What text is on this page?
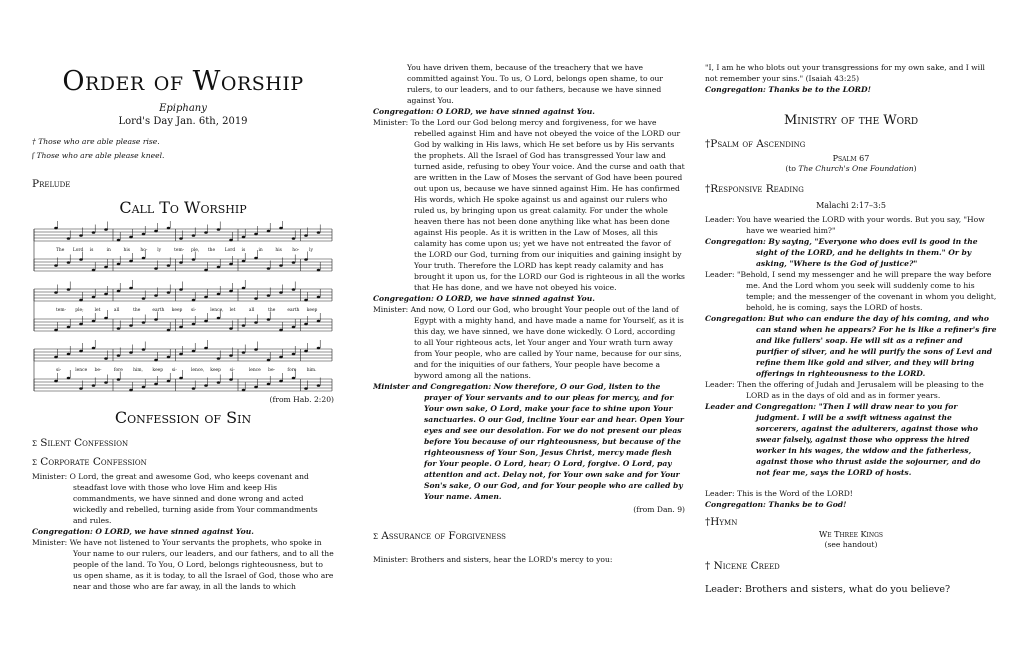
Order of Worship
Epiphany
Lord's Day Jan. 6th, 2019
† Those who are able please rise.
ʃ Those who are able please kneel.
Prelude
Call To Worship
The Lord is	in	his ho- ly	tem- ple, the Lord is	in	his ho- ly
tem- ple; let	all	the	earth keep si-	lence, let	all	the	earth keep
si-	lence be-	fore him, keep si-	lence, keep si-	lence be-	fore him.
(from Hab. 2:20)
Confession of Sin
ʃ Silent Confession
ʃ Corporate Confession
Minister: O Lord, the great and awesome God, who keeps covenant and steadfast love with those who love Him and keep His commandments, we have sinned and done wrong and acted wickedly and rebelled, turning aside from Your commandments and rules.
Congregation: O LORD, we have sinned against You.
Minister: We have not listened to Your servants the prophets, who spoke in Your name to our rulers, our leaders, and our fathers, and to all the people of the land. To You, O Lord, belongs righteousness, but to us open shame, as it is today, to all the Israel of God, those who are near and those who are far away, in all the lands to which
You have driven them, because of the treachery that we have committed against You. To us, O Lord, belongs open shame, to our rulers, to our leaders, and to our fathers, because we have sinned against You.
Congregation: O LORD, we have sinned against You.
Minister: To the Lord our God belong mercy and forgiveness, for we have rebelled against Him and have not obeyed the voice of the LORD our God by walking in His laws, which He set before us by His servants the prophets. All the Israel of God has transgressed Your law and turned aside, refusing to obey Your voice. And the curse and oath that are written in the Law of Moses the servant of God have been poured out upon us, because we have sinned against Him. He has confirmed His words, which He spoke against us and against our rulers who ruled us, by bringing upon us great calamity. For under the whole heaven there has not been done anything like what has been done against His people. As it is written in the Law of Moses, all this calamity has come upon us; yet we have not entreated the favor of the LORD our God, turning from our iniquities and gaining insight by Your truth. Therefore the LORD has kept ready calamity and has brought it upon us, for the LORD our God is righteous in all the works that He has done, and we have not obeyed his voice.
Congregation: O LORD, we have sinned against You.
Minister: And now, O Lord our God, who brought Your people out of the land of Egypt with a mighty hand, and have made a name for Yourself, as it is this day, we have sinned, we have done wickedly. O Lord, according to all Your righteous acts, let Your anger and Your wrath turn away from Your people, who are called by Your name, because for our sins, and for the iniquities of our fathers, Your people have become a byword among all the nations.
Minister and Congregation: Now therefore, O our God, listen to the prayer of Your servants and to our pleas for mercy, and for Your own sake, O Lord, make your face to shine upon Your sanctuaries. O our God, incline Your ear and hear. Open Your eyes and see our desolation. For we do not present our pleas before You because of our righteousness, but because of the righteousness of Your Son, Jesus Christ, mercy made flesh for Your people. O Lord, hear; O Lord, forgive. O Lord, pay attention and act. Delay not, for Your own sake and for Your Son's sake, O our God, and for Your people who are called by Your name. Amen.
(from Dan. 9)
ʃ Assurance of Forgiveness
Minister: Brothers and sisters, hear the LORD's mercy to you:
"I, I am he who blots out your transgressions for my own sake, and I will not remember your sins." (Isaiah 43:25)
Congregation: Thanks be to the LORD!
Ministry of the Word
†Psalm of Ascending
Psalm 67
(to The Church's One Foundation)
†Responsive Reading
Malachi 2:17–3:5
Leader: You have wearied the LORD with your words. But you say, "How have we wearied him?"
Congregation: By saying, "Everyone who does evil is good in the sight of the LORD, and he delights in them." Or by asking, "Where is the God of justice?"
Leader: "Behold, I send my messenger and he will prepare the way before me. And the Lord whom you seek will suddenly come to his temple; and the messenger of the covenant in whom you delight, behold, he is coming, says the LORD of hosts.
Congregation: But who can endure the day of his coming, and who can stand when he appears? For he is like a refiner's fire and like fullers' soap. He will sit as a refiner and purifier of silver, and he will purify the sons of Levi and refine them like gold and silver, and they will bring offerings in righteousness to the LORD.
Leader: Then the offering of Judah and Jerusalem will be pleasing to the LORD as in the days of old and as in former years.
Leader and Congregation: "Then I will draw near to you for judgment. I will be a swift witness against the sorcerers, against the adulterers, against those who swear falsely, against those who oppress the hired worker in his wages, the widow and the fatherless, against those who thrust aside the sojourner, and do not fear me, says the LORD of hosts.
Leader: This is the Word of the LORD!
Congregation: Thanks be to God!
†Hymn
We Three Kings
(see handout)
† Nicene Creed
Leader: Brothers and sisters, what do you believe?
